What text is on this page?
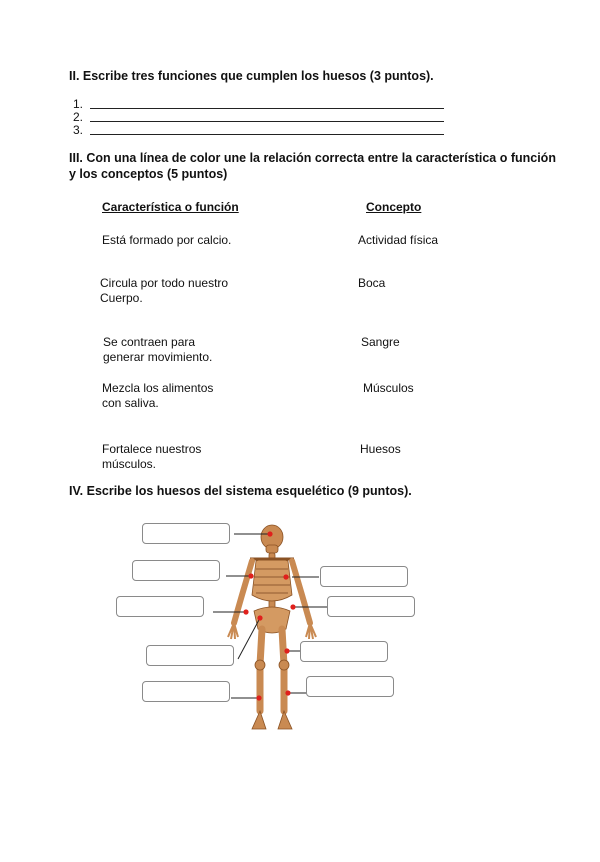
II. Escribe tres funciones que cumplen los huesos (3 puntos).
1.
2.
3.
III. Con una línea de color une la relación correcta entre la característica o función
y los conceptos (5 puntos)
Característica o función	Concepto
Está formado por calcio.
Circula por todo nuestro
Cuerpo.
Se contraen para
generar movimiento.
Mezcla los alimentos
con saliva.
Fortalece nuestros
músculos.
Actividad física
Boca
Sangre
Músculos
Huesos
IV. Escribe los huesos del sistema esquelético (9 puntos).
